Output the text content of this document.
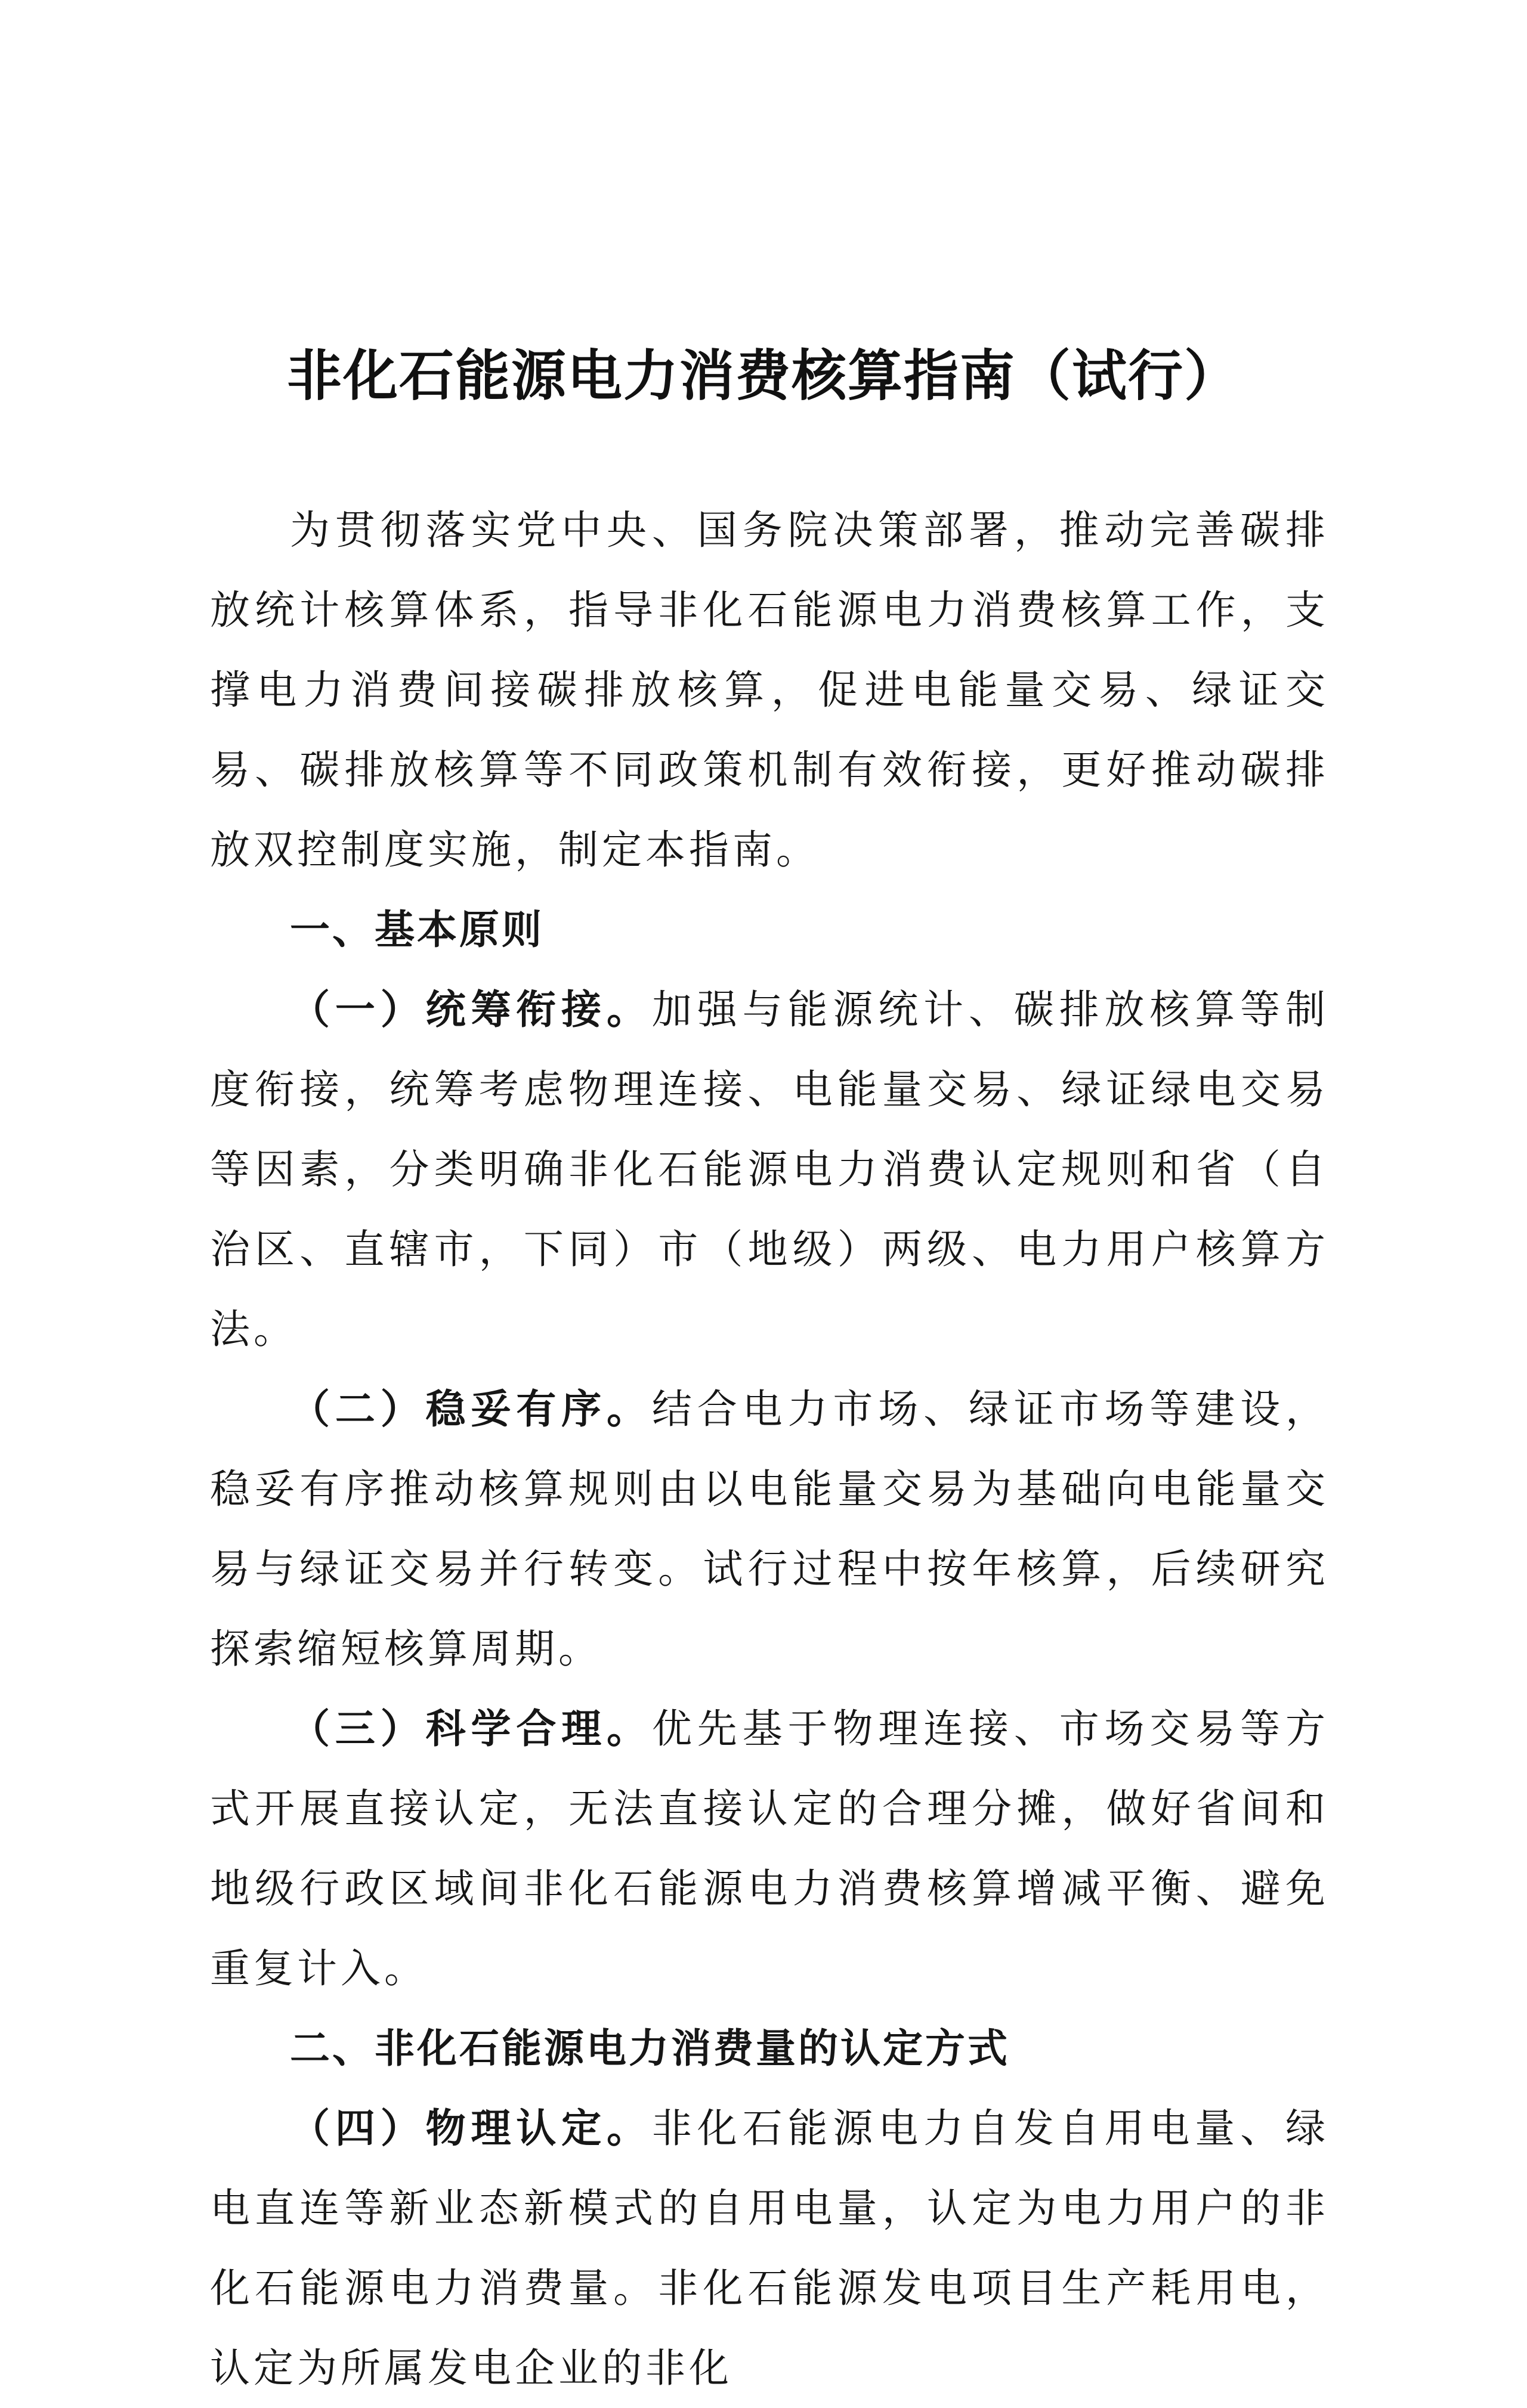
非化石能源电力消费核算指南（试行）

为贯彻落实党中央、国务院决策部署，推动完善碳排放统计核算体系，指导非化石能源电力消费核算工作，支撑电力消费间接碳排放核算，促进电能量交易、绿证交易、碳排放核算等不同政策机制有效衔接，更好推动碳排放双控制度实施，制定本指南。

一、基本原则

（一）统筹衔接。加强与能源统计、碳排放核算等制度衔接，统筹考虑物理连接、电能量交易、绿证绿电交易等因素，分类明确非化石能源电力消费认定规则和省（自治区、直辖市，下同）市（地级）两级、电力用户核算方法。

（二）稳妥有序。结合电力市场、绿证市场等建设，稳妥有序推动核算规则由以电能量交易为基础向电能量交易与绿证交易并行转变。试行过程中按年核算，后续研究探索缩短核算周期。

（三）科学合理。优先基于物理连接、市场交易等方式开展直接认定，无法直接认定的合理分摊，做好省间和地级行政区域间非化石能源电力消费核算增减平衡、避免重复计入。

二、非化石能源电力消费量的认定方式

（四）物理认定。非化石能源电力自发自用电量、绿电直连等新业态新模式的自用电量，认定为电力用户的非化石能源电力消费量。非化石能源发电项目生产耗用电，认定为所属发电企业的非化
